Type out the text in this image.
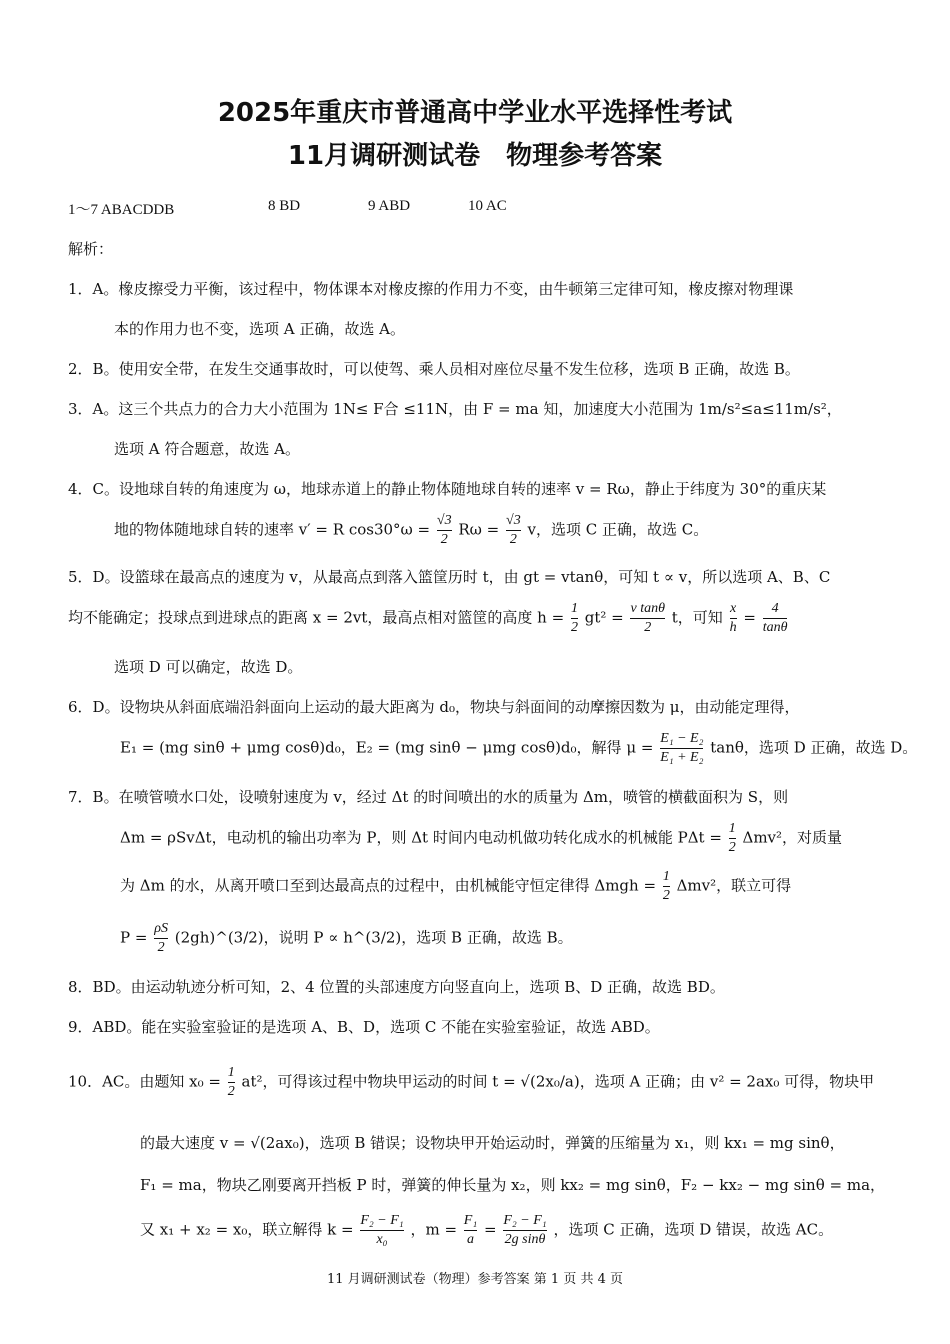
2025年重庆市普通高中学业水平选择性考试
11月调研测试卷　物理参考答案
1～7 ABACDDB	8 BD	9 ABD	10 AC
解析：
1．A。橡皮擦受力平衡，该过程中，物体课本对橡皮擦的作用力不变，由牛顿第三定律可知，橡皮擦对物理课
本的作用力也不变，选项 A 正确，故选 A。
2．B。使用安全带，在发生交通事故时，可以使驾、乘人员相对座位尽量不发生位移，选项 B 正确，故选 B。
3．A。这三个共点力的合力大小范围为 1N≤ F合 ≤11N，由 F = ma 知，加速度大小范围为 1m/s²≤a≤11m/s²，
选项 A 符合题意，故选 A。
4．C。设地球自转的角速度为 ω，地球赤道上的静止物体随地球自转的速率 v = Rω，静止于纬度为 30°的重庆某
地的物体随地球自转的速率 v′ = R $\cos 30^\circ\omega = \frac{√3}{2}$ $R\omega = \frac{√3}{2}$ v，选项 C 正确，故选 C。
5．D。设篮球在最高点的速度为 v，从最高点到落入篮筐历时 t，由 gt = vtanθ，可知 t ∝ v，所以选项 A、B、C
均不能确定；投球点到进球点的距离 x = 2vt，最高点相对篮筐的高度 $h = \frac{1}{2} gt^2 = \frac{\text{v tanθ}}{2}$ t，可知 $\frac{x}{h} = \frac{4}{\tan\theta}$
选项 D 可以确定，故选 D。
6．D。设物块从斜面底端沿斜面向上运动的最大距离为 d₀，物块与斜面间的动摩擦因数为 μ，由动能定理得，
E₁ = (mg sinθ + μmg cosθ)d₀，E₂ = (mg sinθ − μmg cosθ)d₀，解得 $\mu = \frac{\text{E₁ − E₂}}{\text{E₁ + E₂}}$ tanθ，选项 D 正确，故选 D。
7．B。在喷管喷水口处，设喷射速度为 v，经过 Δt 的时间喷出的水的质量为 Δm，喷管的横截面积为 S，则
Δm = ρSvΔt，电动机的输出功率为 P，则 Δt 时间内电动机做功转化成水的机械能 $P\Delta t = \frac{1}{2} \Delta mv^2$，对质量
为 Δm 的水，从离开喷口至到达最高点的过程中，由机械能守恒定律得 $\Delta mgh = \frac{1}{2} \Delta mv^2$，联立可得
$P = \frac{\rho S}{2}$ (2gh)^(3/2)，说明 P ∝ h^(3/2)，选项 B 正确，故选 B。
8．BD。由运动轨迹分析可知，2、4 位置的头部速度方向竖直向上，选项 B、D 正确，故选 BD。
9．ABD。能在实验室验证的是选项 A、B、D，选项 C 不能在实验室验证，故选 ABD。
10．AC。由题知 $x_0 = \frac{1}{2} at^2$，可得该过程中物块甲运动的时间 t = √(2x₀/a)，选项 A 正确；由 v² = 2ax₀ 可得，物块甲
的最大速度 v = √(2ax₀)，选项 B 错误；设物块甲开始运动时，弹簧的压缩量为 x₁，则 kx₁ = mg sinθ，
F₁ = ma，物块乙刚要离开挡板 P 时，弹簧的伸长量为 x₂，则 kx₂ = mg sinθ，F₂ − kx₂ − mg sinθ = ma，
又 x₁ + x₂ = x₀，联立解得 $k = \frac{\text{F₂ − F₁}}{\text{x₀}}$ ，$m = \frac{\text{F₁}}{a} = \frac{\text{F₂ − F₁}}{\text{2g sinθ}}$ ，选项 C 正确，选项 D 错误，故选 AC。
11 月调研测试卷（物理）参考答案 第 1 页 共 4 页
